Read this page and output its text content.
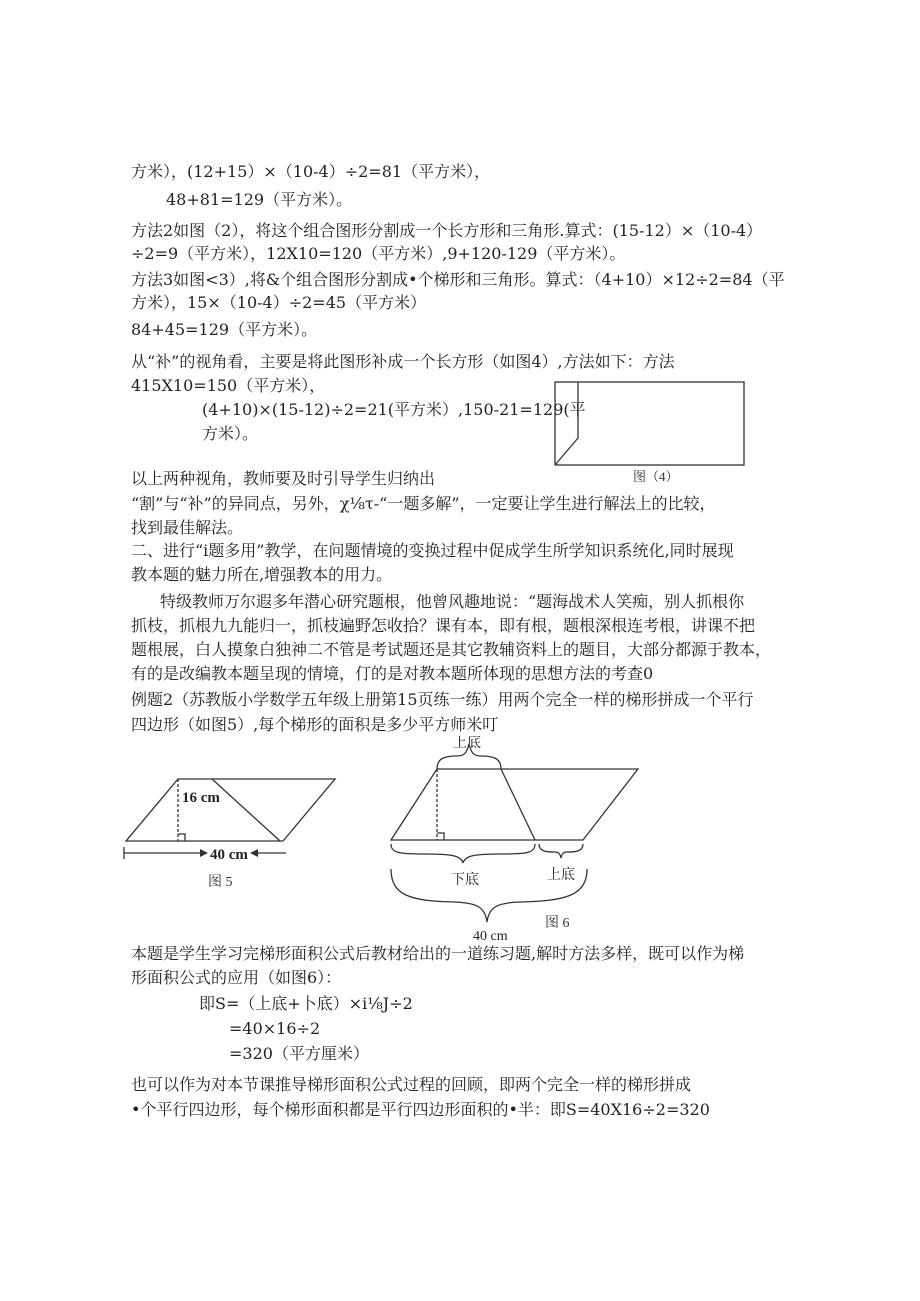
方米），(12+15）×（10-4）÷2=81（平方米），
48+81=129（平方米）。
方法2如图（2），将这个组合图形分割成一个长方形和三角形.算式：(15-12）×（10-4）
÷2=9（平方米），12X10=120（平方米）,9+120-129（平方米）。
方法3如图<3）,将&个组合图形分割成•个梯形和三角形。算式：（4+10）×12÷2=84（平
方米），15×（10-4）÷2=45（平方米）
84+45=129（平方米）。
从“补”的视角看，主要是将此图形补成一个长方形（如图4）,方法如下：方法
415X10=150（平方米），
(4+10)×(15-12)÷2=21(平方米）,150-21=129(平
方米）。
以上两种视角，教师要及时引导学生归纳出
“割”与“补”的异同点，另外，χ⅛τ-“一题多解”，一定要让学生进行解法上的比较，
找到最佳解法。
二、进行“i题多用”教学，在问题情境的变换过程中促成学生所学知识系统化,同时展现
教本题的魅力所在,增强教本的用力。
特级教师万尔遐多年潜心研究题根，他曾风趣地说：“题海战术人笑痴，别人抓根你
抓枝，抓根九九能归一，抓枝遍野怎收拾？课有本，即有根，题根深根连考根，讲课不把
题根展，白人摸象白独神二不管是考试题还是其它教辅资料上的题目，大部分都源于教本，
有的是改编教本题呈现的情境，仃的是对教本题所体现的思想方法的考查0
例题2（苏教版小学数学五年级上册第15页练一练）用两个完全一样的梯形拼成一个平行
四边形（如图5）,每个梯形的面积是多少平方师米叮
本题是学生学习完梯形面积公式后教材给出的一道练习题,解时方法多样，既可以作为梯
形面积公式的应用（如图6）：
即S=（上底+卜底）×i⅛J÷2
=40×16÷2
=320（平方厘米）
也可以作为对本节课推导梯形面积公式过程的回顾，即两个完全一样的梯形拼成
•个平行四边形，每个梯形面积都是平行四边形面积的•半：即S=40X16÷2=320
图（4）
16 cm
40 cm
图 5
上底
下底	上底
40 cm
图 6
